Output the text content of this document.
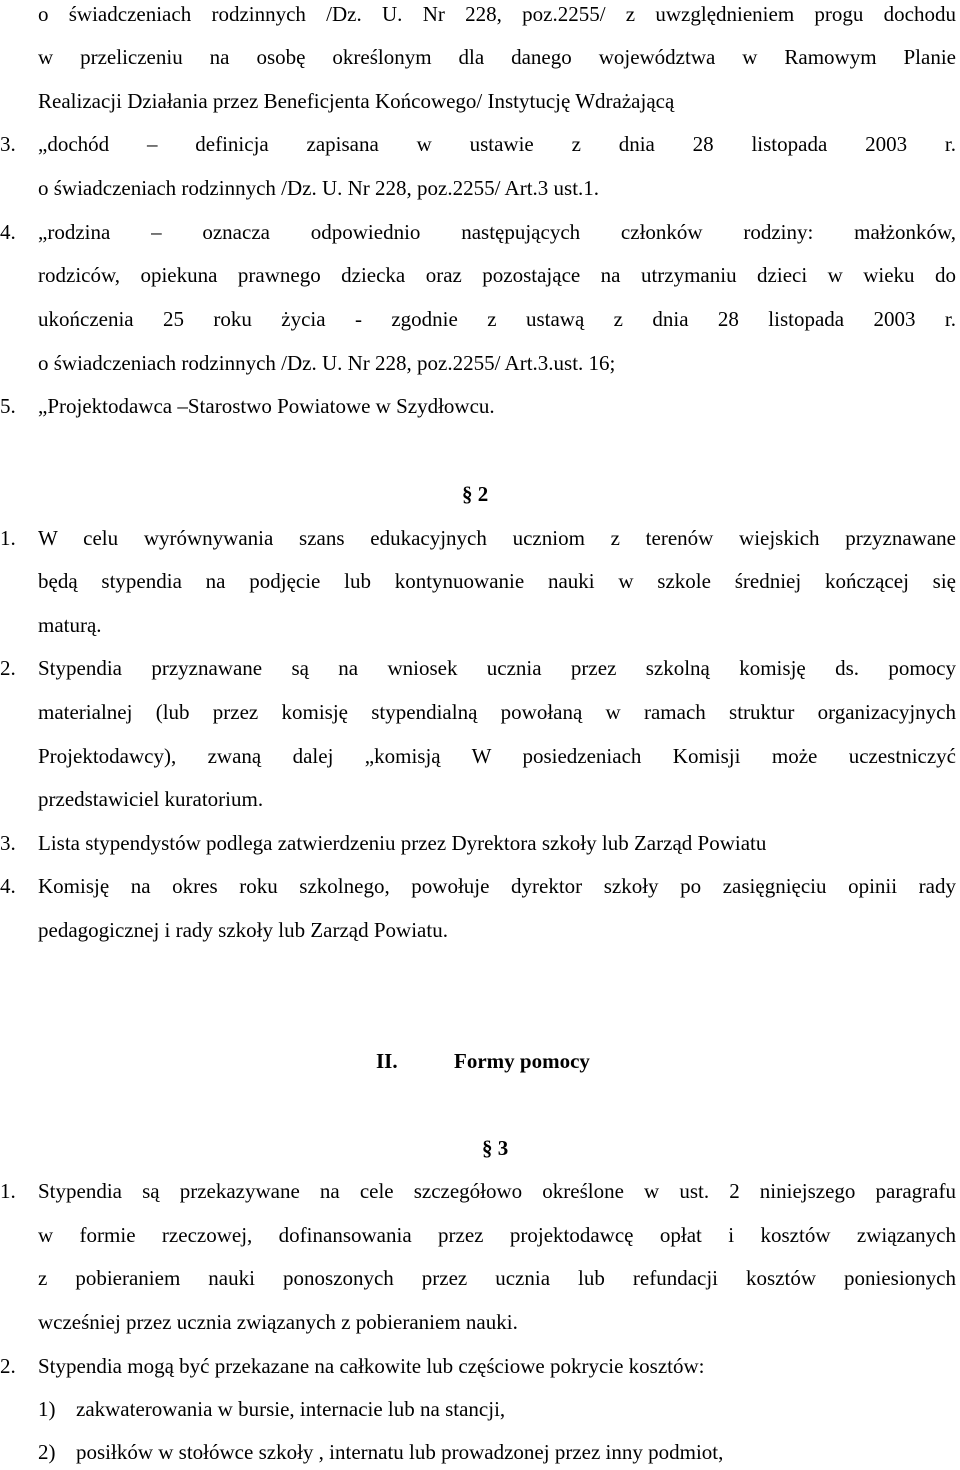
o świadczeniach rodzinnych /Dz. U. Nr 228, poz.2255/ z uwzględnieniem progu dochodu
w przeliczeniu na osobę określonym dla danego województwa w Ramowym Planie
Realizacji Działania przez Beneficjenta Końcowego/ Instytucję Wdrażającą
3. „dochód – definicja zapisana w ustawie z dnia 28 listopada 2003 r.
o świadczeniach rodzinnych /Dz. U. Nr 228, poz.2255/ Art.3 ust.1.
4. „rodzina – oznacza odpowiednio następujących członków rodziny: małżonków,
rodziców, opiekuna prawnego dziecka oraz pozostające na utrzymaniu dzieci w wieku do
ukończenia 25 roku życia - zgodnie z ustawą z dnia 28 listopada 2003 r.
o świadczeniach rodzinnych /Dz. U. Nr 228, poz.2255/ Art.3.ust. 16;
5. „Projektodawca –Starostwo Powiatowe w Szydłowcu.
§ 2
1. W celu wyrównywania szans edukacyjnych uczniom z terenów wiejskich przyznawane
będą stypendia na podjęcie lub kontynuowanie nauki w szkole średniej kończącej się
maturą.
2. Stypendia przyznawane są na wniosek ucznia przez szkolną komisję ds. pomocy
materialnej (lub przez komisję stypendialną powołaną w ramach struktur organizacyjnych
Projektodawcy), zwaną dalej „komisją W posiedzeniach Komisji może uczestniczyć
przedstawiciel kuratorium.
3. Lista stypendystów podlega zatwierdzeniu przez Dyrektora szkoły lub Zarząd Powiatu
4. Komisję na okres roku szkolnego, powołuje dyrektor szkoły po zasięgnięciu opinii rady
pedagogicznej i rady szkoły lub Zarząd Powiatu.
II.	Formy pomocy
§ 3
1. Stypendia są przekazywane na cele szczegółowo określone w ust. 2 niniejszego paragrafu
w formie rzeczowej, dofinansowania przez projektodawcę opłat i kosztów związanych
z pobieraniem nauki ponoszonych przez ucznia lub refundacji kosztów poniesionych
wcześniej przez ucznia związanych z pobieraniem nauki.
2. Stypendia mogą być przekazane na całkowite lub częściowe pokrycie kosztów:
1) zakwaterowania w bursie, internacie lub na stancji,
2) posiłków w stołówce szkoły , internatu lub prowadzonej przez inny podmiot,
